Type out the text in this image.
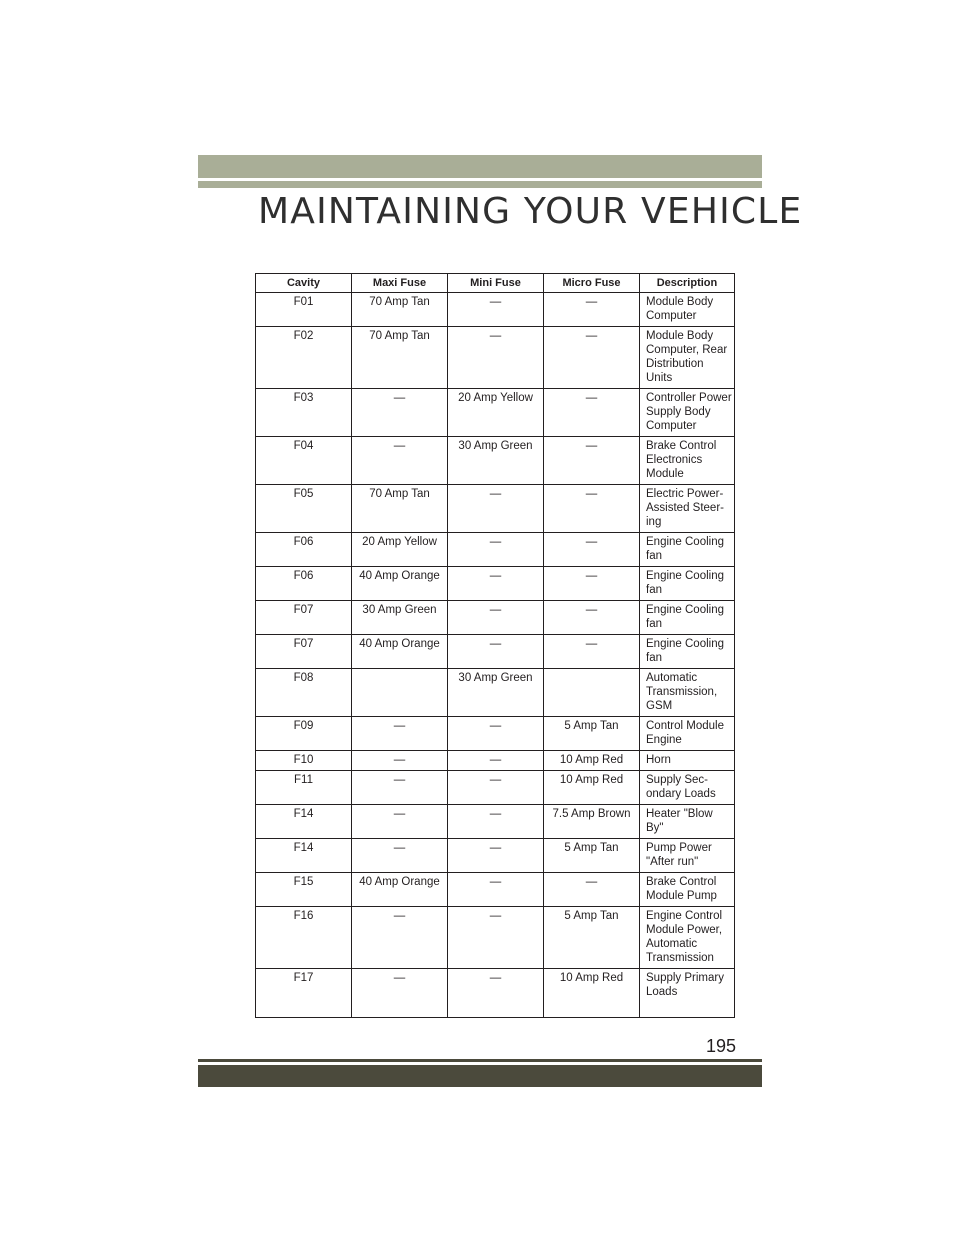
MAINTAINING YOUR VEHICLE
Cavity	Maxi Fuse	Mini Fuse	Micro Fuse	Description
F01	70 Amp Tan	—	—	Module Body Computer
F02	70 Amp Tan	—	—	Module Body Computer, Rear Distribution Units
F03	—	20 Amp Yellow	—	Controller Power Supply Body Computer
F04	—	30 Amp Green	—	Brake Control Electronics Module
F05	70 Amp Tan	—	—	Electric Power-Assisted Steer-ing
F06	20 Amp Yellow	—	—	Engine Cooling fan
F06	40 Amp Orange	—	—	Engine Cooling fan
F07	30 Amp Green	—	—	Engine Cooling fan
F07	40 Amp Orange	—	—	Engine Cooling fan
F08		30 Amp Green		Automatic Transmission, GSM
F09	—	—	5 Amp Tan	Control Module Engine
F10	—	—	10 Amp Red	Horn
F11	—	—	10 Amp Red	Supply Sec-ondary Loads
F14	—	—	7.5 Amp Brown	Heater "Blow By"
F14	—	—	5 Amp Tan	Pump Power "After run"
F15	40 Amp Orange	—	—	Brake Control Module Pump
F16	—	—	5 Amp Tan	Engine Control Module Power, Automatic Transmission
F17	—	—	10 Amp Red	Supply Primary Loads
195
